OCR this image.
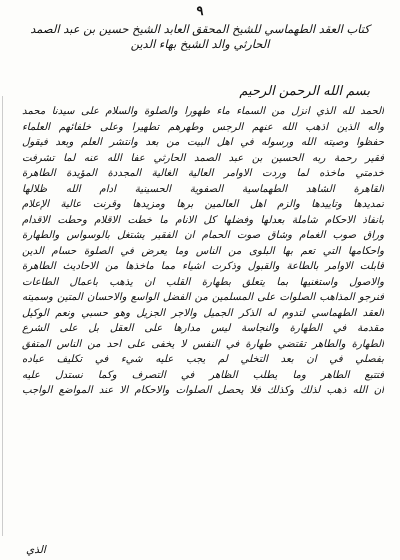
٩
كتاب العقد الطهماسي للشيخ المحقق العابد الشيخ حسين بن عبد الصمد
الحارثي والد الشيخ بهاء الدين
بسم الله الرحمن الرحيم
الحمد لله الذي انزل من السماء ماء طهورا والصلوة والسلام على سيدنا محمد
واله الذين اذهب الله عنهم الرجس وطهرهم تطهيرا وعلى خلفائهم العلماء
حفظوا وصيته الله ورسوله في اهل البيت من بعد وانتشر العلم وبعد فيقول
فقير رحمة ربه الحسين بن عبد الصمد الحارثي عفا الله عنه لما تشرفت
خدمتي ماخذه لما وردت الاوامر العالية الغالية المجددة المؤيدة الطاهرة
القاهرة الشاهد الطهماسية الصفوية الحسينية ادام الله ظلالها
تمديدها وتاييدها والزم اهل العالمين برها ومزيدها وقرنت عالية الإعلام
بانفاذ الاحكام شاملة بعدلها وفضلها كل الانام ما خطت الاقلام وحطت الاقدام
وراق صوب الغمام وشاق صوت الحمام ان الفقير يشتغل بالوسواس والطهارة
واحكامها التي تعم بها البلوى من الناس وما يعرض في الصلوة حسام الدين
قابلت الاوامر بالطاعة والقبول وذكرت اشياء مما ماخذها من الاحاديث الطاهرة
والاصول واستغنيها بما يتعلق بطهارة القلب ان يذهب باعمال الطاعات
فنرجو المذاهب الصلوات على المسلمين من الفضل الواسع والاحسان المتين وسميته
العقد الطهماسي لتدوم له الذكر الجميل والاجر الجزيل وهو حسبي ونعم الوكيل
مقدمة في الطهارة والنجاسة ليس مدارها على العقل بل على الشرع
الطهارة والطاهر تقتضي طهارة في النفس لا يخفى على احد من الناس المتفق
بفصلي في ان بعد التخلي لم يجب عليه شيء في تكليف عباده
فتتبع الطاهر وما يطلب الظاهر في التصرف وكما نستدل عليه
ان الله ذهب لذلك وكذلك فلا يحصل الصلوات والاحكام الا عند المواضع الواجب
الذي
